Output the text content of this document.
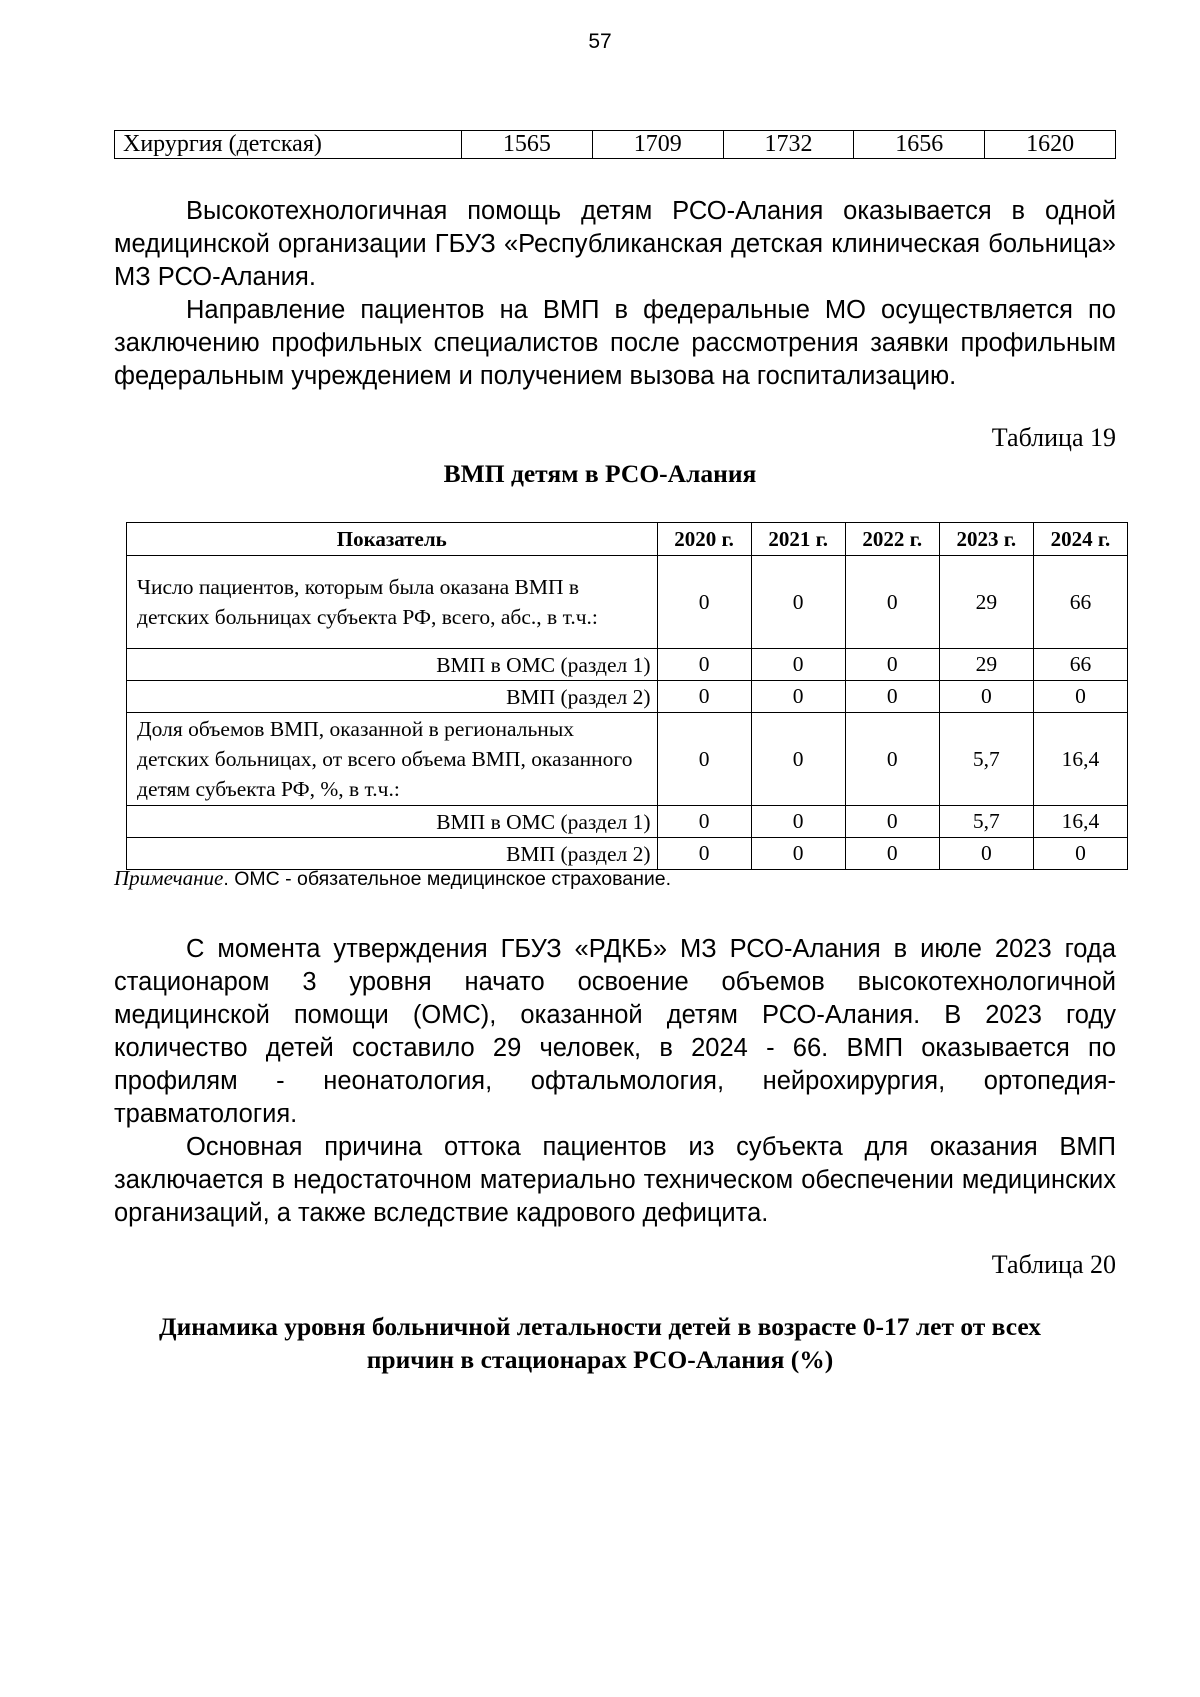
57
Хирургия (детская)	1565	1709	1732	1656	1620

Высокотехнологичная помощь детям РСО-Алания оказывается в одной медицинской организации ГБУЗ «Республиканская детская клиническая больница» МЗ РСО-Алания.

Направление пациентов на ВМП в федеральные МО осуществляется по заключению профильных специалистов после рассмотрения заявки профильным федеральным учреждением и получением вызова на госпитализацию.

Таблица 19
ВМП детям в РСО-Алания
Показатель	2020 г.	2021 г.	2022 г.	2023 г.	2024 г.
Число пациентов, которым была оказана ВМП в детских больницах субъекта РФ, всего, абс., в т.ч.:	0	0	0	29	66
ВМП в ОМС (раздел 1)	0	0	0	29	66
ВМП (раздел 2)	0	0	0	0	0
Доля объемов ВМП, оказанной в региональных детских больницах, от всего объема ВМП, оказанного детям субъекта РФ, %, в т.ч.:	0	0	0	5,7	16,4
ВМП в ОМС (раздел 1)	0	0	0	5,7	16,4
ВМП (раздел 2)	0	0	0	0	0
Примечание. ОМС - обязательное медицинское страхование.

С момента утверждения ГБУЗ «РДКБ» МЗ РСО-Алания в июле 2023 года стационаром 3 уровня начато освоение объемов высокотехнологичной медицинской помощи (ОМС), оказанной детям РСО-Алания. В 2023 году количество детей составило 29 человек, в 2024 - 66. ВМП оказывается по профилям - неонатология, офтальмология, нейрохирургия, ортопедия-травматология.

Основная причина оттока пациентов из субъекта для оказания ВМП заключается в недостаточном материально техническом обеспечении медицинских организаций, а также вследствие кадрового дефицита.

Таблица 20
Динамика уровня больничной летальности детей в возрасте 0-17 лет от всех
причин в стационарах РСО-Алания (%)
